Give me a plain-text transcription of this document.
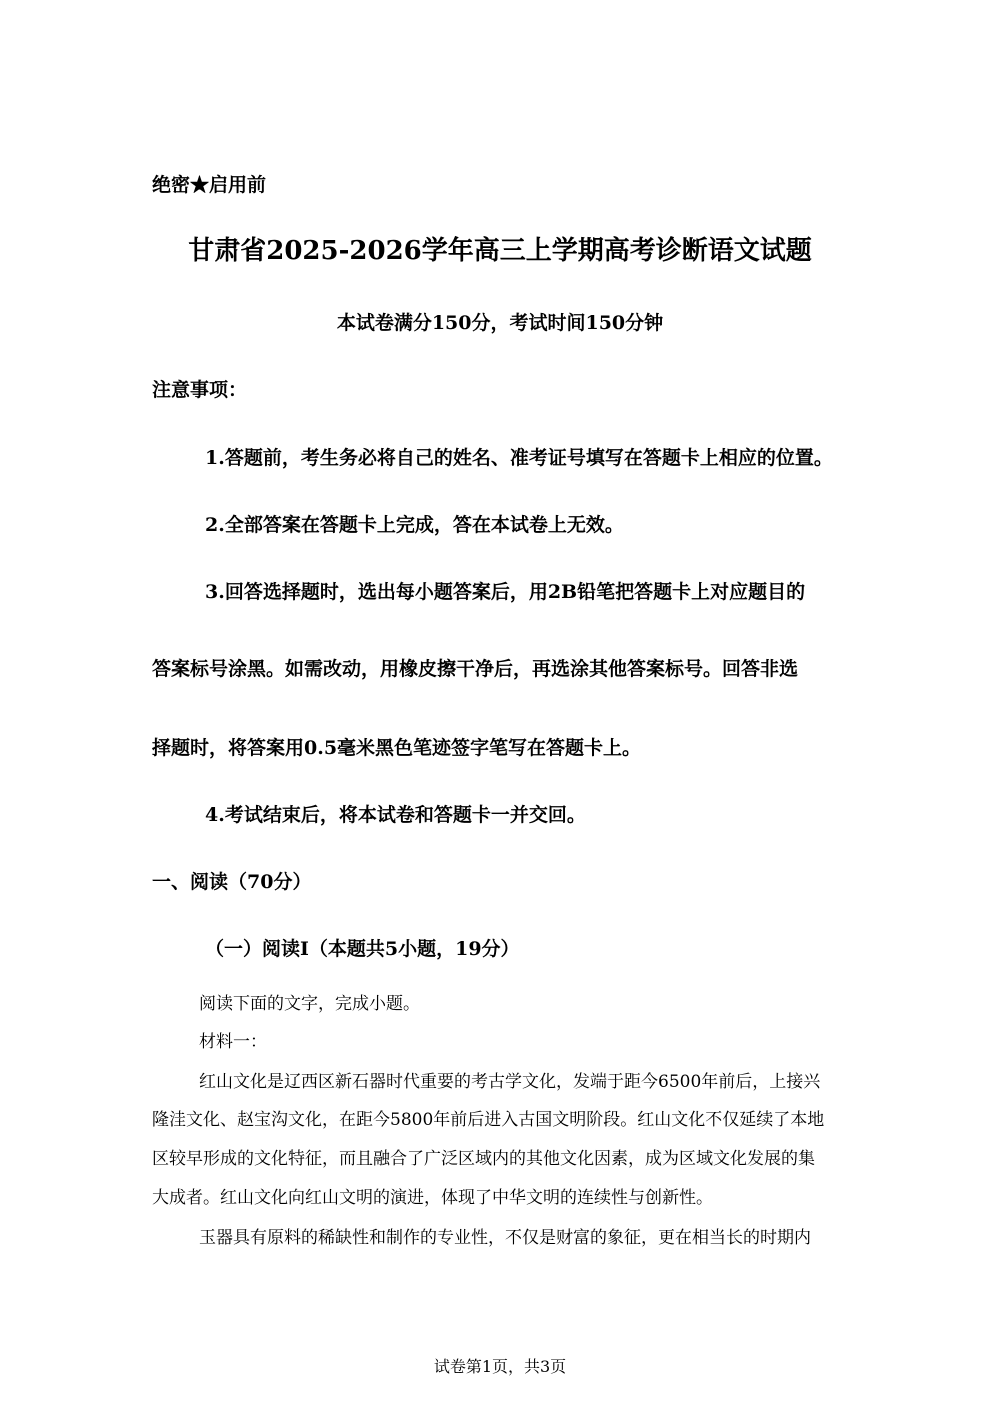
绝密★启用前
甘肃省2025-2026学年高三上学期高考诊断语文试题
本试卷满分150分，考试时间150分钟
注意事项：
1.答题前，考生务必将自己的姓名、准考证号填写在答题卡上相应的位置。
2.全部答案在答题卡上完成，答在本试卷上无效。
3.回答选择题时，选出每小题答案后，用2B铅笔把答题卡上对应题目的
答案标号涂黑。如需改动，用橡皮擦干净后，再选涂其他答案标号。回答非选
择题时，将答案用0.5毫米黑色笔迹签字笔写在答题卡上。
4.考试结束后，将本试卷和答题卡一并交回。
一、阅读（70分）
（一）阅读Ⅰ（本题共5小题，19分）
阅读下面的文字，完成小题。
材料一：
红山文化是辽西区新石器时代重要的考古学文化，发端于距今6500年前后，上接兴
隆洼文化、赵宝沟文化，在距今5800年前后进入古国文明阶段。红山文化不仅延续了本地
区较早形成的文化特征，而且融合了广泛区域内的其他文化因素，成为区域文化发展的集
大成者。红山文化向红山文明的演进，体现了中华文明的连续性与创新性。
玉器具有原料的稀缺性和制作的专业性，不仅是财富的象征，更在相当长的时期内
试卷第1页，共3页
